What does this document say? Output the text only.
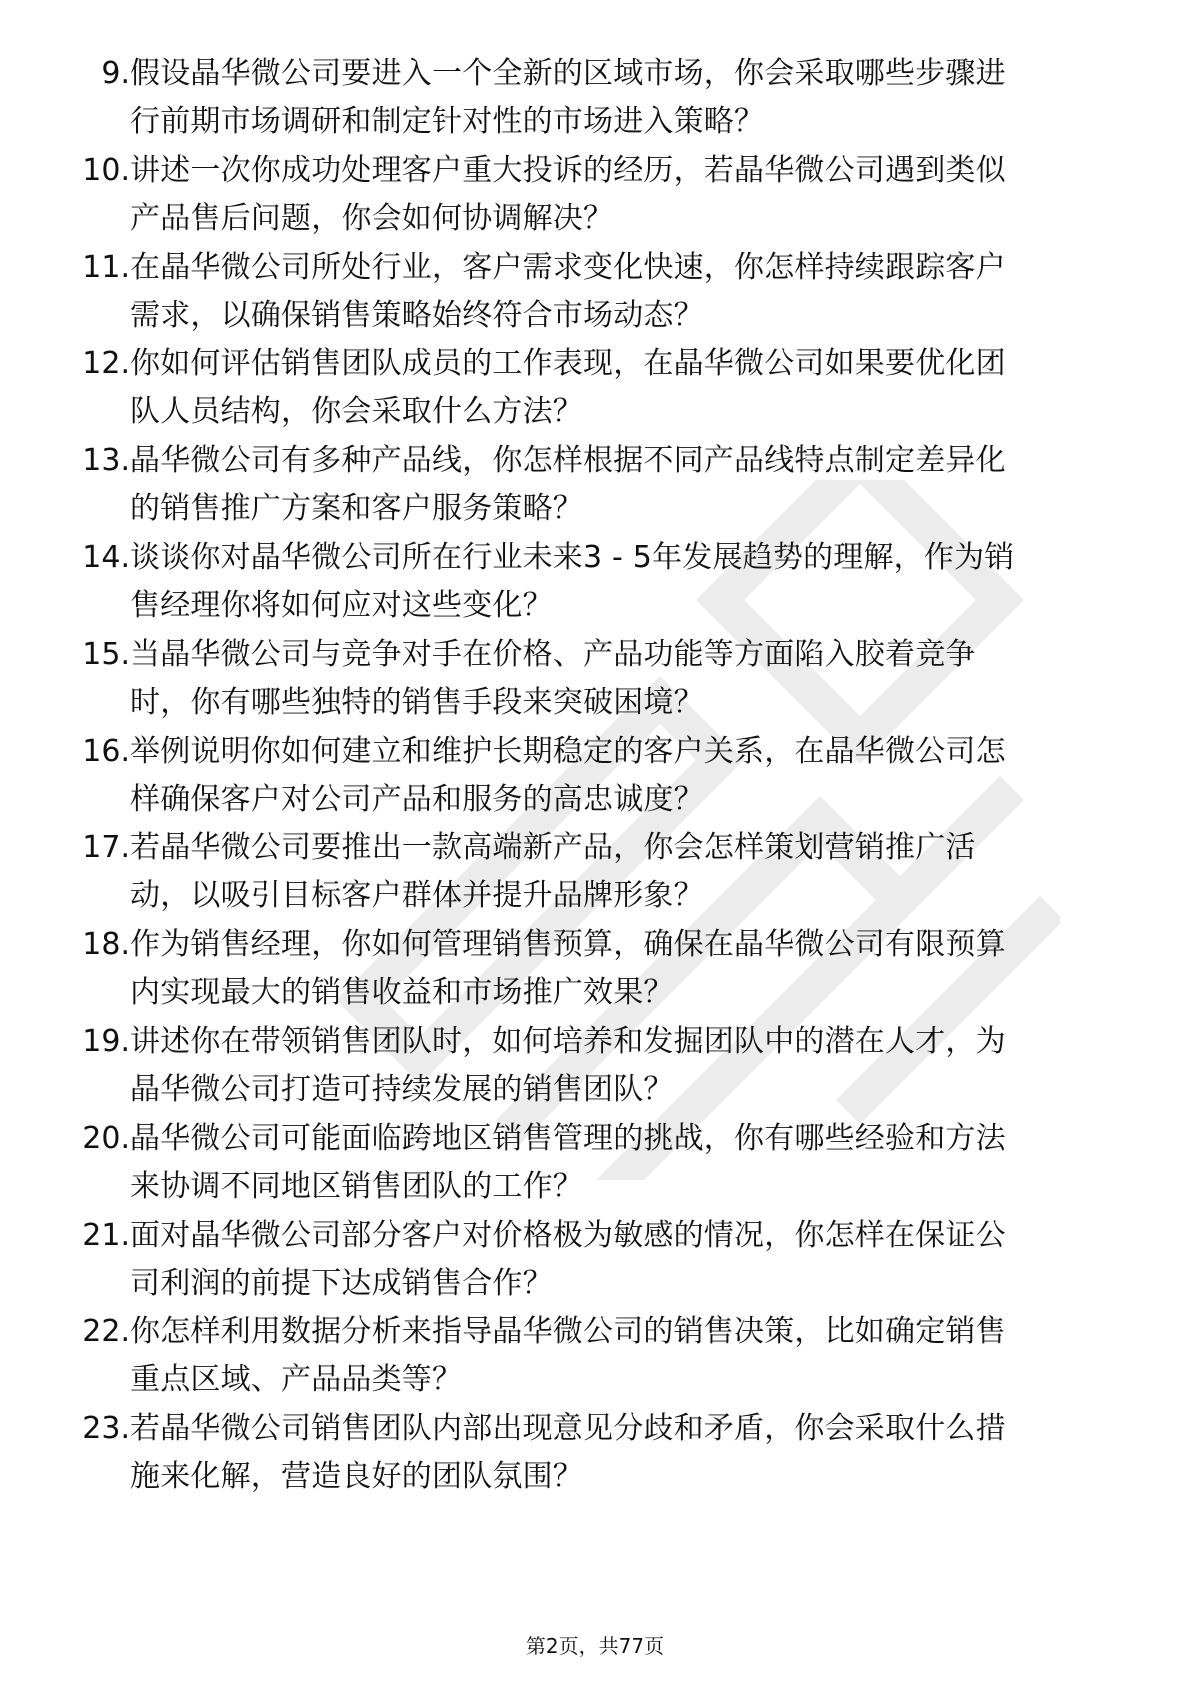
9. 假设晶华微公司要进入一个全新的区域市场，你会采取哪些步骤进行前期市场调研和制定针对性的市场进入策略？
10. 讲述一次你成功处理客户重大投诉的经历，若晶华微公司遇到类似产品售后问题，你会如何协调解决？
11. 在晶华微公司所处行业，客户需求变化快速，你怎样持续跟踪客户需求，以确保销售策略始终符合市场动态？
12. 你如何评估销售团队成员的工作表现，在晶华微公司如果要优化团队人员结构，你会采取什么方法？
13. 晶华微公司有多种产品线，你怎样根据不同产品线特点制定差异化的销售推广方案和客户服务策略？
14. 谈谈你对晶华微公司所在行业未来3 - 5年发展趋势的理解，作为销售经理你将如何应对这些变化？
15. 当晶华微公司与竞争对手在价格、产品功能等方面陷入胶着竞争时，你有哪些独特的销售手段来突破困境？
16. 举例说明你如何建立和维护长期稳定的客户关系，在晶华微公司怎样确保客户对公司产品和服务的高忠诚度？
17. 若晶华微公司要推出一款高端新产品，你会怎样策划营销推广活动，以吸引目标客户群体并提升品牌形象？
18. 作为销售经理，你如何管理销售预算，确保在晶华微公司有限预算内实现最大的销售收益和市场推广效果？
19. 讲述你在带领销售团队时，如何培养和发掘团队中的潜在人才，为晶华微公司打造可持续发展的销售团队？
20. 晶华微公司可能面临跨地区销售管理的挑战，你有哪些经验和方法来协调不同地区销售团队的工作？
21. 面对晶华微公司部分客户对价格极为敏感的情况，你怎样在保证公司利润的前提下达成销售合作？
22. 你怎样利用数据分析来指导晶华微公司的销售决策，比如确定销售重点区域、产品品类等？
23. 若晶华微公司销售团队内部出现意见分歧和矛盾，你会采取什么措施来化解，营造良好的团队氛围？
第2页，共77页
